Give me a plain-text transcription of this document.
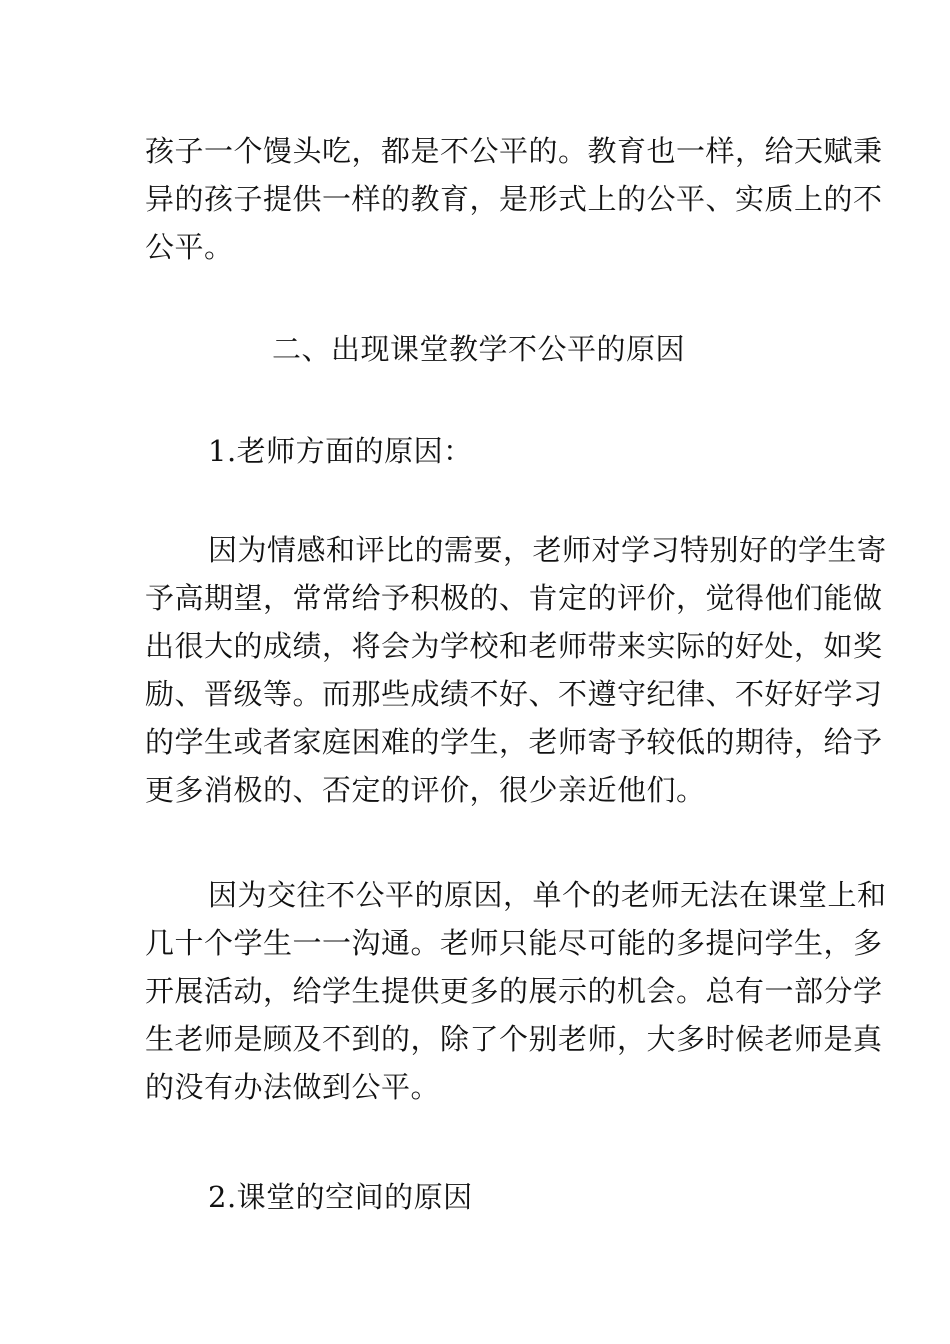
孩子一个馒头吃，都是不公平的。教育也一样，给天赋秉
异的孩子提供一样的教育，是形式上的公平、实质上的不
公平。
二、出现课堂教学不公平的原因
1.老师方面的原因：
因为情感和评比的需要，老师对学习特别好的学生寄
予高期望，常常给予积极的、肯定的评价，觉得他们能做
出很大的成绩，将会为学校和老师带来实际的好处，如奖
励、晋级等。而那些成绩不好、不遵守纪律、不好好学习
的学生或者家庭困难的学生，老师寄予较低的期待，给予
更多消极的、否定的评价，很少亲近他们。
因为交往不公平的原因，单个的老师无法在课堂上和
几十个学生一一沟通。老师只能尽可能的多提问学生，多
开展活动，给学生提供更多的展示的机会。总有一部分学
生老师是顾及不到的，除了个别老师，大多时候老师是真
的没有办法做到公平。
2.课堂的空间的原因
